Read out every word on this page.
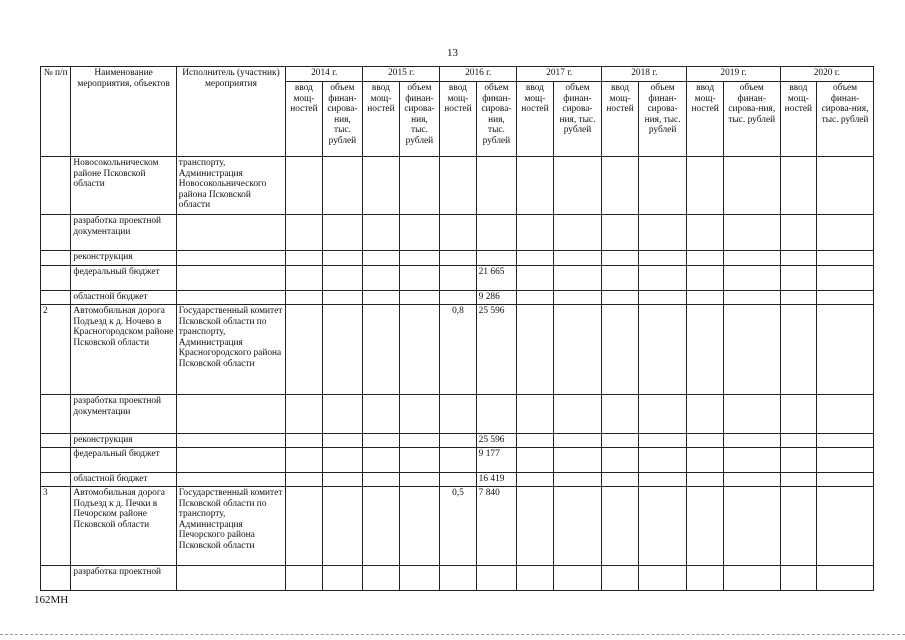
13
№ п/п	Наименование мероприятия, объектов	Исполнитель (участник) мероприятия	2014 г.		2015 г.		2016 г.		2017 г.		2018 г.		2019 г.		2020 г.	
			ввод мощ-ностей	объем финан-сирова-ния, тыс. рублей	ввод мощ-ностей	объем финан-сирова-ния, тыс. рублей	ввод мощ-ностей	объем финан-сирова-ния, тыс. рублей	ввод мощ-ностей	объем финан-сирова-ния, тыс. рублей	ввод мощ-ностей	объем финан-сирова-ния, тыс. рублей	ввод мощ-ностей	объем финан-сирова-ния, тыс. рублей	ввод мощ-ностей	объем финан-сирова-ния, тыс. рублей
	Новосокольническом районе Псковской области	транспорту, Администрация Новосокольнического района Псковской области														
	разработка проектной документации															
	реконструкция															
	федеральный бюджет							21 665								
	областной бюджет							9 286								
2	Автомобильная дорога Подъезд к д. Ночево в Красногородском районе Псковской области	Государственный комитет Псковской области по транспорту, Администрация Красногородского района Псковской области					0,8	25 596								
	разработка проектной документации															
	реконструкция							25 596								
	федеральный бюджет							9 177								
	областной бюджет							16 419								
3	Автомобильная дорога Подъезд к д. Печки в Печорском районе Псковской области	Государственный комитет Псковской области по транспорту, Администрация Печорского района Псковской области					0,5	7 840								
	разработка проектной															
162МН
